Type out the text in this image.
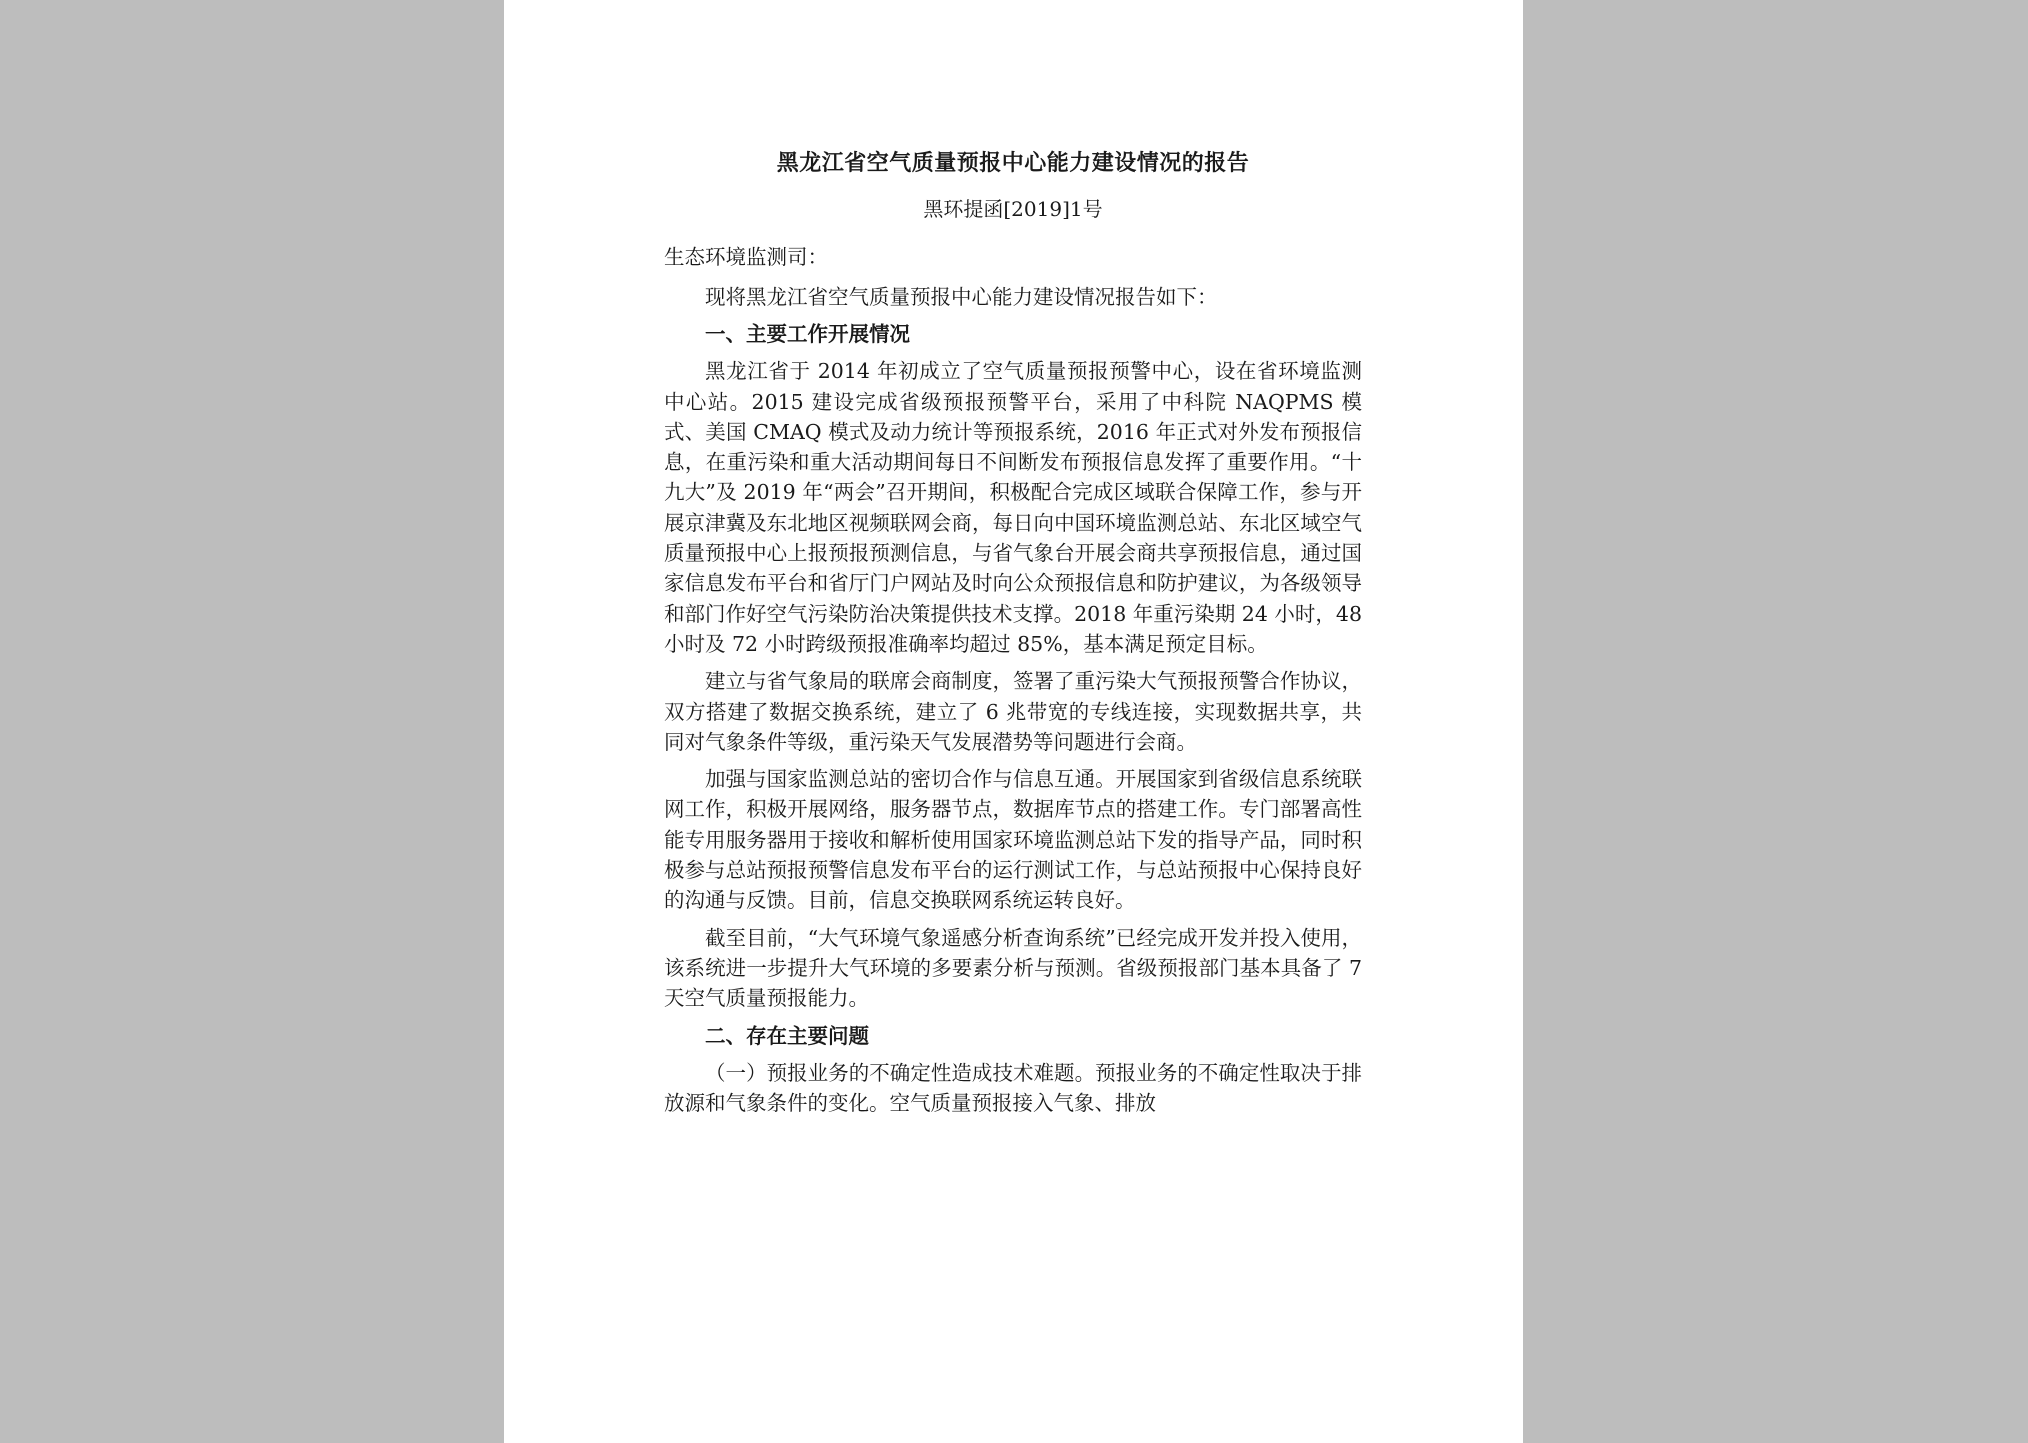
黑龙江省空气质量预报中心能力建设情况的报告
黑环提函[2019]1号
生态环境监测司：
现将黑龙江省空气质量预报中心能力建设情况报告如下：
一、主要工作开展情况
黑龙江省于 2014 年初成立了空气质量预报预警中心，设在省环境监测中心站。2015 建设完成省级预报预警平台，采用了中科院 NAQPMS 模式、美国 CMAQ 模式及动力统计等预报系统，2016 年正式对外发布预报信息，在重污染和重大活动期间每日不间断发布预报信息发挥了重要作用。“十九大”及 2019 年“两会”召开期间，积极配合完成区域联合保障工作，参与开展京津冀及东北地区视频联网会商，每日向中国环境监测总站、东北区域空气质量预报中心上报预报预测信息，与省气象台开展会商共享预报信息，通过国家信息发布平台和省厅门户网站及时向公众预报信息和防护建议，为各级领导和部门作好空气污染防治决策提供技术支撑。2018 年重污染期 24 小时，48 小时及 72 小时跨级预报准确率均超过 85%，基本满足预定目标。
建立与省气象局的联席会商制度，签署了重污染大气预报预警合作协议，双方搭建了数据交换系统，建立了 6 兆带宽的专线连接，实现数据共享，共同对气象条件等级，重污染天气发展潜势等问题进行会商。
加强与国家监测总站的密切合作与信息互通。开展国家到省级信息系统联网工作，积极开展网络，服务器节点，数据库节点的搭建工作。专门部署高性能专用服务器用于接收和解析使用国家环境监测总站下发的指导产品，同时积极参与总站预报预警信息发布平台的运行测试工作，与总站预报中心保持良好的沟通与反馈。目前，信息交换联网系统运转良好。
截至目前，“大气环境气象遥感分析查询系统”已经完成开发并投入使用，该系统进一步提升大气环境的多要素分析与预测。省级预报部门基本具备了 7 天空气质量预报能力。
二、存在主要问题
（一）预报业务的不确定性造成技术难题。预报业务的不确定性取决于排放源和气象条件的变化。空气质量预报接入气象、排放
